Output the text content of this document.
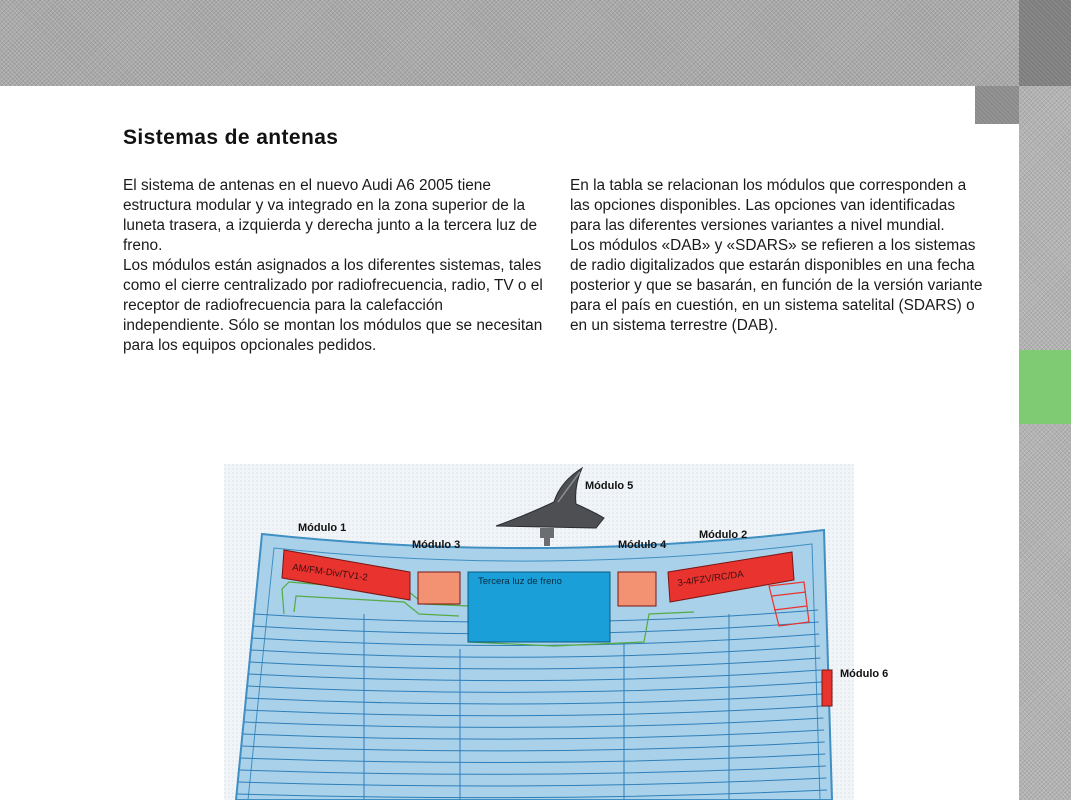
Sistemas de antenas

El sistema de antenas en el nuevo Audi A6 2005 tiene estructura modular y va integrado en la zona superior de la luneta trasera, a izquierda y derecha junto a la tercera luz de freno.

Los módulos están asignados a los diferentes sistemas, tales como el cierre centralizado por radiofrecuencia, radio, TV o el receptor de radiofrecuencia para la calefacción independiente. Sólo se montan los módulos que se necesitan para los equipos opcionales pedidos.

En la tabla se relacionan los módulos que corresponden a las opciones disponibles. Las opciones van identificadas para las diferentes versiones variantes a nivel mundial.

Los módulos «DAB» y «SDARS» se refieren a los sistemas de radio digitalizados que estarán disponibles en una fecha posterior y que se basarán, en función de la versión variante para el país en cuestión, en un sistema satelital (SDARS) o en un sistema terrestre (DAB).

AM/FM-Div/TV1-2	Tercera luz de freno	3-4/FZV/RC/DA
Módulo 1
Módulo 3
Módulo 5
Módulo 4
Módulo 2
Módulo 6
